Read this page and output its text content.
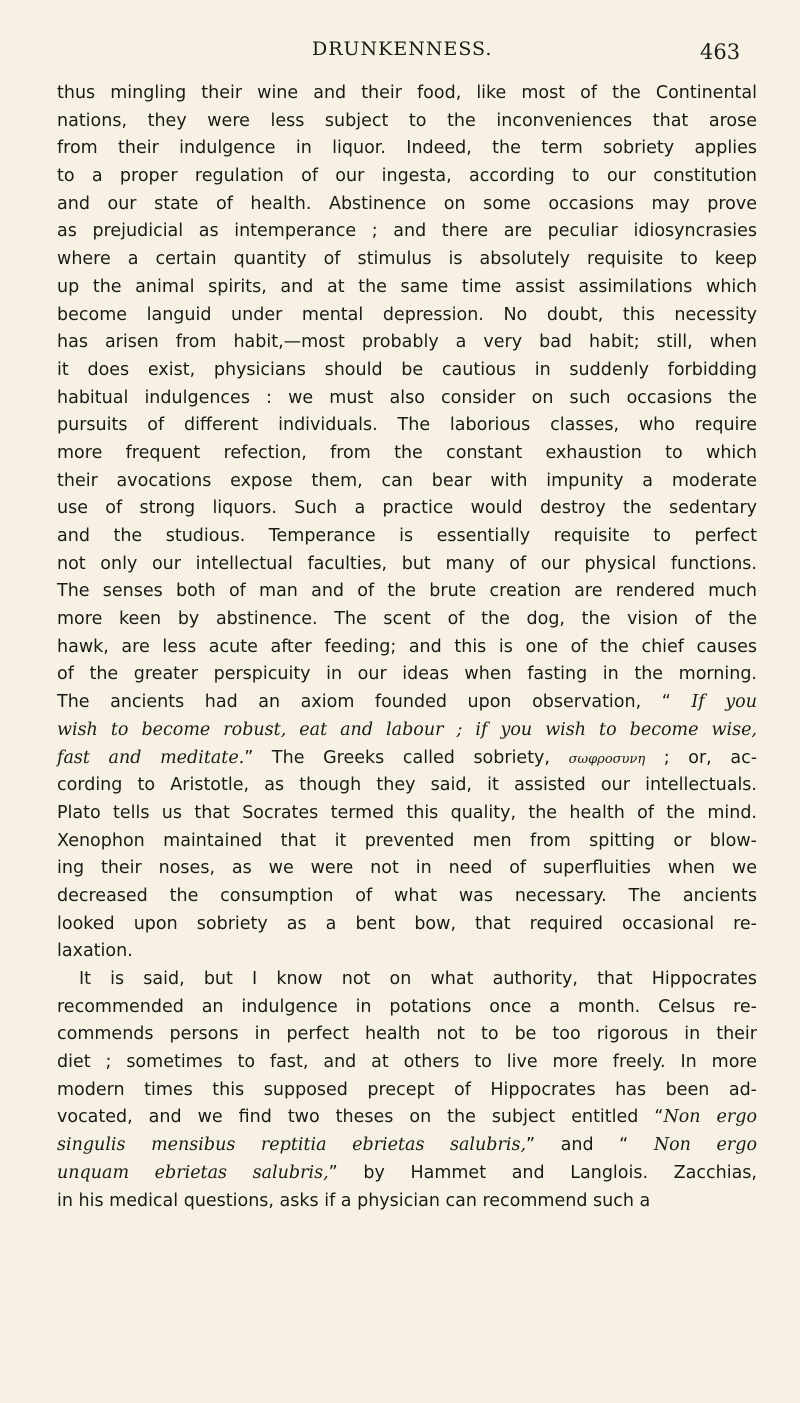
DRUNKENNESS.	463
thus mingling their wine and their food, like most of the Continental
nations, they were less subject to the inconveniences that arose
from their indulgence in liquor. Indeed, the term sobriety applies
to a proper regulation of our ingesta, according to our constitution
and our state of health. Abstinence on some occasions may prove
as prejudicial as intemperance ; and there are peculiar idiosyncrasies
where a certain quantity of stimulus is absolutely requisite to keep
up the animal spirits, and at the same time assist assimilations which
become languid under mental depression. No doubt, this necessity
has arisen from habit,—most probably a very bad habit; still, when
it does exist, physicians should be cautious in suddenly forbidding
habitual indulgences : we must also consider on such occasions the
pursuits of different individuals. The laborious classes, who require
more frequent refection, from the constant exhaustion to which
their avocations expose them, can bear with impunity a moderate
use of strong liquors. Such a practice would destroy the sedentary
and the studious. Temperance is essentially requisite to perfect
not only our intellectual faculties, but many of our physical functions.
The senses both of man and of the brute creation are rendered much
more keen by abstinence. The scent of the dog, the vision of the
hawk, are less acute after feeding; and this is one of the chief causes
of the greater perspicuity in our ideas when fasting in the morning.
The ancients had an axiom founded upon observation, “ If you
wish to become robust, eat and labour ; if you wish to become wise,
fast and meditate.” The Greeks called sobriety, σωφροσυνη ; or, ac-
cording to Aristotle, as though they said, it assisted our intellectuals.
Plato tells us that Socrates termed this quality, the health of the mind.
Xenophon maintained that it prevented men from spitting or blow-
ing their noses, as we were not in need of superfluities when we
decreased the consumption of what was necessary. The ancients
looked upon sobriety as a bent bow, that required occasional re-
laxation.
It is said, but I know not on what authority, that Hippocrates
recommended an indulgence in potations once a month. Celsus re-
commends persons in perfect health not to be too rigorous in their
diet ; sometimes to fast, and at others to live more freely. In more
modern times this supposed precept of Hippocrates has been ad-
vocated, and we find two theses on the subject entitled “Non ergo
singulis mensibus reptitia ebrietas salubris,” and “ Non ergo
unquam ebrietas salubris,” by Hammet and Langlois. Zacchias,
in his medical questions, asks if a physician can recommend such a
